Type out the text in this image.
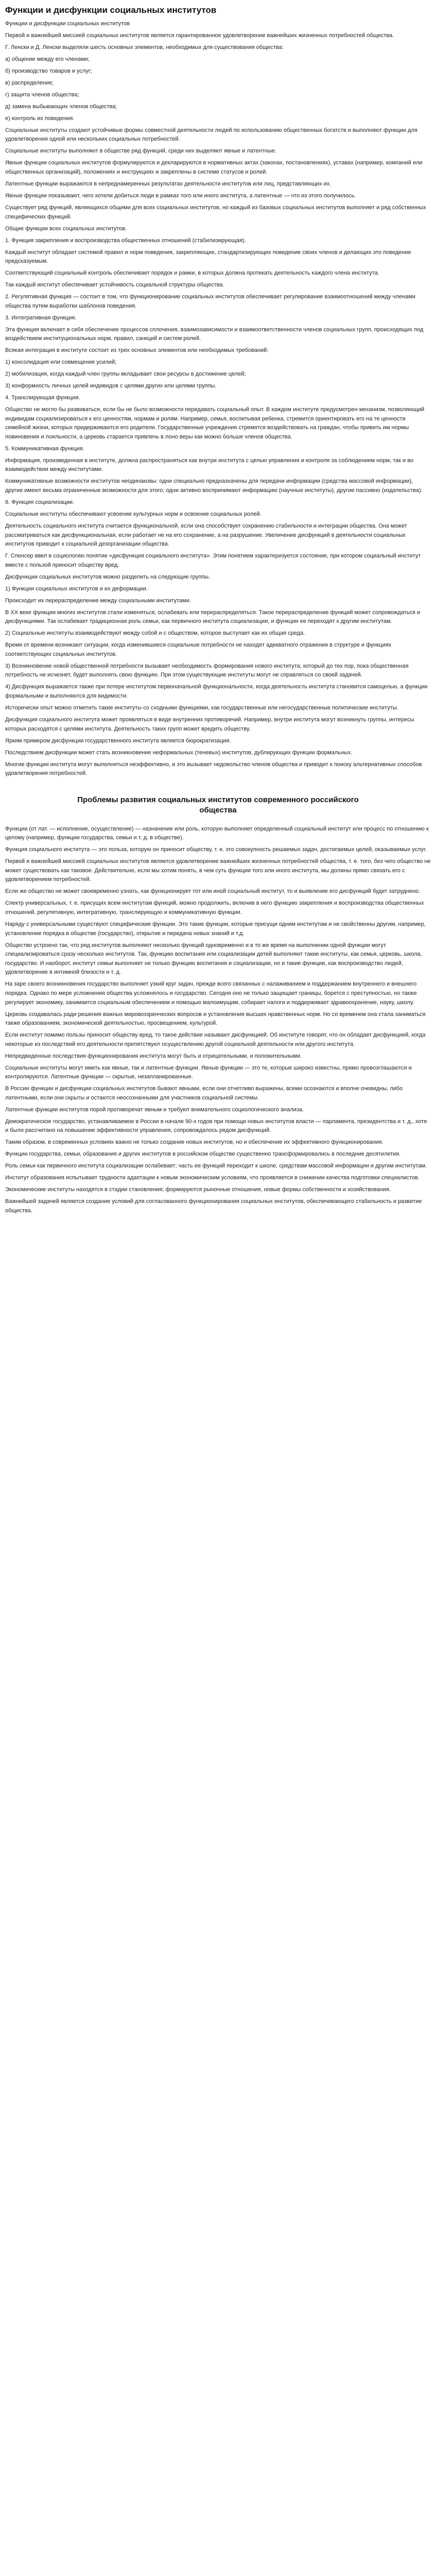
Функции и дисфункции социальных институтов

Функции и дисфункции социальных институтов

Первой и важнейшей миссией социальных институтов является гарантированное удовлетворение важнейших жизненных потребностей общества.

Г. Ленски и Д. Ленски выделяли шесть основных элементов, необходимых для существования общества:

а) общение между его членами;

б) производство товаров и услуг;

в) распределение;

г) защита членов общества;

д) замена выбывающих членов общества;

е) контроль их поведения.

Социальные институты создают устойчивые формы совместной деятельности людей по использованию общественных богатств и выполняют функции для удовлетворения одной или нескольких социальных потребностей.

Социальные институты выполняют в обществе ряд функций, среди них выделяют явные и латентные.

Явные функции социальных институтов формулируются и декларируются в нормативных актах (законах, постановлениях), уставах (например, компаний или общественных организаций), положениях и инструкциях и закреплены в системе статусов и ролей.

Латентные функции выражаются в непреднамеренных результатах деятельности институтов или лиц, представляющих их.

Явные функции показывают, чего хотели добиться люди в рамках того или иного института, а латентные — что из этого получилось.

Существует ряд функций, являющихся общими для всех социальных институтов, но каждый из базовых социальных институтов выполняет и ряд собственных специфических функций.

Общие функции всех социальных институтов.

1. Функция закрепления и воспроизводства общественных отношений (стабилизирующая).

Каждый институт обладает системой правил и норм поведения, закрепляющих, стандартизирующих поведение своих членов и делающих это поведение предсказуемым.

Соответствующий социальный контроль обеспечивает порядок и рамки, в которых должна протекать деятельность каждого члена института.

Так каждый институт обеспечивает устойчивость социальной структуры общества.

2. Регулятивная функция — состоит в том, что функционирование социальных институтов обеспечивает регулирование взаимоотношений между членами общества путем выработки шаблонов поведения.

3. Интегративная функция.

Эта функция включает в себя обеспечение процессов сплочения, взаимозависимости и взаимоответственности членов социальных групп, происходящих под воздействием институциональных норм, правил, санкций и систем ролей.

Всякая интеграция в институте состоит из трех основных элементов или необходимых требований:

1) консолидация или совмещение усилий;

2) мобилизация, когда каждый член группы вкладывает свои ресурсы в достижение целей;

3) конформность личных целей индивидов с целями других или целями группы.

4. Транслирующая функция.

Общество не могло бы развиваться, если бы не было возможности передавать социальный опыт. В каждом институте предусмотрен механизм, позволяющий индивидам социализироваться к его ценностям, нормам и ролям. Например, семья, воспитывая ребенка, стремится ориентировать его на те ценности семейной жизни, которых придерживаются его родители. Государственные учреждения стремятся воздействовать на граждан, чтобы привить им нормы повиновения и лояльности, а церковь старается привлечь в лоно веры как можно больше членов общества.

5. Коммуникативная функция.

Информация, произведенная в институте, должна распространяться как внутри института с целью управления и контроля за соблюдением норм, так и во взаимодействии между институтами.

Коммуникативные возможности институтов неодинаковы: одни специально предназначены для передачи информации (средства массовой информации), другие имеют весьма ограниченные возможности для этого; одни активно воспринимают информацию (научные институты), другие пассивно (издательства).

6. Функция социализации.

Социальные институты обеспечивают усвоение культурных норм и освоение социальных ролей.

Деятельность социального института считается функциональной, если она способствует сохранению стабильности и интеграции общества. Она может рассматриваться как дисфункциональная, если работает не на его сохранение, а на разрушение. Увеличение дисфункций в деятельности социальных институтов приводит к социальной дезорганизации общества.

Г. Спенсер ввел в социологию понятие «дисфункция социального института». Этим понятием характеризуется состояние, при котором социальный институт вместе с пользой приносит обществу вред.

Дисфункции социальных институтов можно разделить на следующие группы.

1) Функции социальных институтов и их деформации.

Происходит их перераспределение между социальными институтами.

В ХХ веке функции многих институтов стали изменяться, ослабевать или перераспределяться. Такое перераспределение функций может сопровождаться и дисфункциями. Так ослабевает традиционная роль семьи, как первичного института социализации, и функции ее переходят к другим институтам.

2) Социальные институты взаимодействуют между собой и с обществом, которое выступает как их общая среда.

Время от времени возникают ситуации, когда изменившиеся социальные потребности не находят адекватного отражения в структуре и функциях соответствующих социальных институтов.

3) Возникновение новой общественной потребности вызывает необходимость формирования нового института, который до тех пор, пока общественная потребность не исчезнет, будет выполнять свою функцию. При этом существующие институты могут не справляться со своей задачей.

4) Дисфункция выражается также при потере институтом первоначальной функциональности, когда деятельность института становится самоцелью, а функции формальными и выполняются для видимости.

Исторически опыт можно отметить такие институты со сходными функциями, как государственные или негосударственные политические институты.

Дисфункция социального института может проявляться в виде внутренних противоречий. Например, внутри института могут возникнуть группы, интересы которых расходятся с целями института. Деятельность таких групп может вредить обществу.

Ярким примером дисфункции государственного института является бюрократизация.

Последствием дисфункции может стать возникновение неформальных (теневых) институтов, дублирующих функции формальных.

Многие функции института могут выполняться неэффективно, и это вызывает недовольство членов общества и приводит к поиску альтернативных способов удовлетворения потребностей.

Проблемы развития социальных институтов современного российского общества

Функции (от лат. — исполнение, осуществление) — назначение или роль, которую выполняет определенный социальный институт или процесс по отношению к целому (например, функции государства, семьи и т. д. в обществе).

Функция социального института — это польза, которую он приносит обществу, т. е. это совокупность решаемых задач, достигаемых целей, оказываемых услуг.

Первой и важнейшей миссией социальных институтов является удовлетворение важнейших жизненных потребностей общества, т. е. того, без чего общество не может существовать как таковое. Действительно, если мы хотим понять, в чем суть функции того или иного института, мы должны прямо связать его с удовлетворением потребностей.

Если же общество не может своевременно узнать, как функционирует тот или иной социальный институт, то и выявление его дисфункций будет затруднено.

Спектр универсальных, т. е. присущих всем институтам функций, можно продолжить, включив в него функцию закрепления и воспроизводства общественных отношений, регулятивную, интегративную, транслирующую и коммуникативную функции.

Наряду с универсальными существуют специфические функции. Это такие функции, которые присущи одним институтам и не свойственны другим, например, установление порядка в обществе (государство), открытие и передача новых знаний и т.д.

Общество устроено так, что ряд институтов выполняют несколько функций одновременно и в то же время на выполнении одной функции могут специализироваться сразу несколько институтов. Так, функцию воспитания или социализации детей выполняют такие институты, как семья, церковь, школа, государство. И наоборот, институт семьи выполняет не только функцию воспитания и социализации, но и такие функции, как воспроизводство людей, удовлетворение в интимной близости и т. д.

На заре своего возникновения государство выполняет узкий круг задач, прежде всего связанных с налаживанием и поддержанием внутреннего и внешнего порядка. Однако по мере усложнения общества усложнялось и государство. Сегодня оно не только защищает границы, борется с преступностью, но также регулирует экономику, занимается социальным обеспечением и помощью малоимущим, собирает налоги и поддерживает здравоохранение, науку, школу.

Церковь создавалась ради решения важных мировоззренческих вопросов и установления высших нравственных норм. Но со временем она стала заниматься также образованием, экономической деятельностью, просвещением, культурой.

Если институт помимо пользы приносит обществу вред, то такое действие называют дисфункцией. Об институте говорят, что он обладает дисфункцией, когда некоторые из последствий его деятельности препятствуют осуществлению другой социальной деятельности или другого института.

Непредвиденные последствия функционирования института могут быть и отрицательными, и положительными.

Социальные институты могут иметь как явные, так и латентные функции. Явные функции — это те, которые широко известны, прямо провозглашаются и контролируются. Латентные функции — скрытые, незапланированные.

В России функции и дисфункции социальных институтов бывают явными, если они отчетливо выражены, всеми осознаются и вполне очевидны, либо латентными, если они скрыты и остаются неосознанными для участников социальной системы.

Латентные функции институтов порой противоречат явным и требуют внимательного социологического анализа.

Демократическое государство, устанавливаемое в России в начале 90-х годов при помощи новых институтов власти — парламента, президентства и т. д., хотя и было рассчитано на повышение эффективности управления, сопровождалось рядом дисфункций.

Таким образом, в современных условиях важно не только создание новых институтов, но и обеспечение их эффективного функционирования.

Функции государства, семьи, образования и других институтов в российском обществе существенно трансформировались в последние десятилетия.

Роль семьи как первичного института социализации ослабевает; часть ее функций переходит к школе, средствам массовой информации и другим институтам.

Институт образования испытывает трудности адаптации к новым экономическим условиям, что проявляется в снижении качества подготовки специалистов.

Экономические институты находятся в стадии становления; формируются рыночные отношения, новые формы собственности и хозяйствования.

Важнейшей задачей является создание условий для согласованного функционирования социальных институтов, обеспечивающего стабильность и развитие общества.
